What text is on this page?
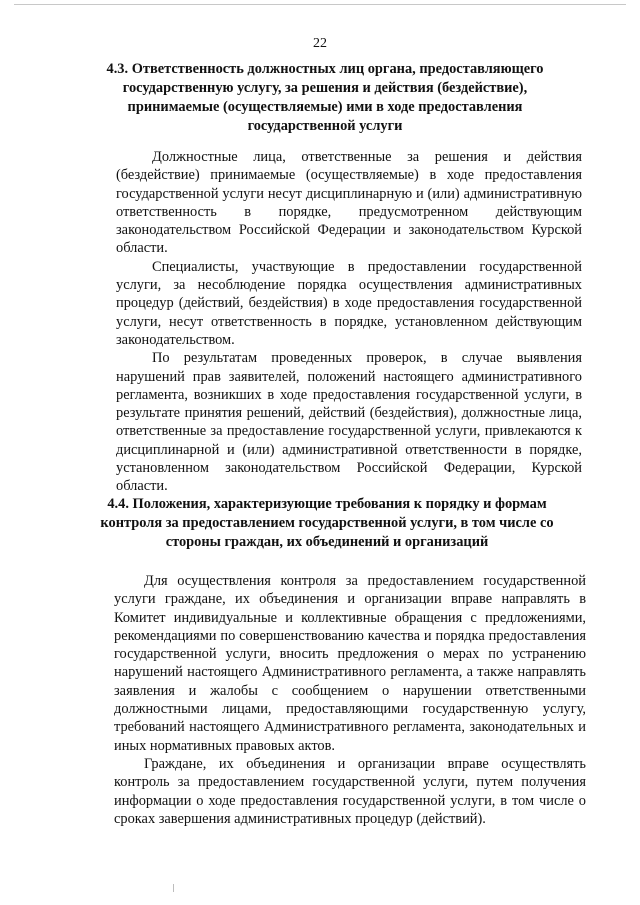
22
4.3. Ответственность должностных лиц органа, предоставляющего государственную услугу, за решения и действия (бездействие), принимаемые (осуществляемые) ими в ходе предоставления государственной услуги

Должностные лица, ответственные за решения и действия (бездействие) принимаемые (осуществляемые) в ходе предоставления государственной услуги несут дисциплинарную и (или) административную ответственность в порядке, предусмотренном действующим законодательством Российской Федерации и законодательством Курской области.

Специалисты, участвующие в предоставлении государственной услуги, за несоблюдение порядка осуществления административных процедур (действий, бездействия) в ходе предоставления государственной услуги, несут ответственность в порядке, установленном действующим законодательством.

По результатам проведенных проверок, в случае выявления нарушений прав заявителей, положений настоящего административного регламента, возникших в ходе предоставления государственной услуги, в результате принятия решений, действий (бездействия), должностные лица, ответственные за предоставление государственной услуги, привлекаются к дисциплинарной и (или) административной ответственности в порядке, установленном законодательством Российской Федерации, Курской области.

4.4. Положения, характеризующие требования к порядку и формам контроля за предоставлением государственной услуги, в том числе со стороны граждан, их объединений и организаций

Для осуществления контроля за предоставлением государственной услуги граждане, их объединения и организации вправе направлять в Комитет индивидуальные и коллективные обращения с предложениями, рекомендациями по совершенствованию качества и порядка предоставления государственной услуги, вносить предложения о мерах по устранению нарушений настоящего Административного регламента, а также направлять заявления и жалобы с сообщением о нарушении ответственными должностными лицами, предоставляющими государственную услугу, требований настоящего Административного регламента, законодательных и иных нормативных правовых актов.

Граждане, их объединения и организации вправе осуществлять контроль за предоставлением государственной услуги, путем получения информации о ходе предоставления государственной услуги, в том числе о сроках завершения административных процедур (действий).
